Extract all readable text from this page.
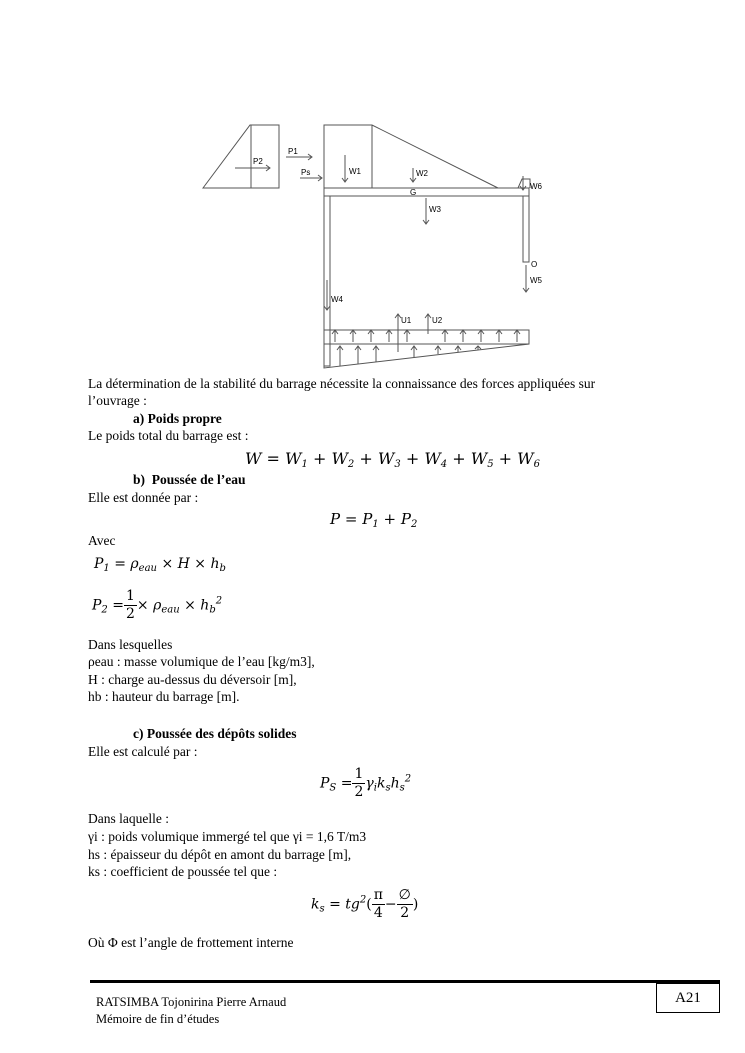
P2
P1
Ps	W1	W2
G
W3
W6
O
W5
W4
U1	U2
La détermination de la stabilité du barrage nécessite la connaissance des forces appliquées sur
l’ouvrage :
a) Poids propre
Le poids total du barrage est :
$W = W_1 + W_2 + W_3 + W_4 + W_5 + W_6$
b) Poussée de l’eau
Elle est donnée par :
$P = P_1 + P_2$
Avec
$P_1 = \rho_{eau} \times H \times h_b$
$P_2 = \frac{1}{2} \times \rho_{eau} \times h_b^2$
Dans lesquelles
ρeau : masse volumique de l’eau [kg/m3],
H : charge au-dessus du déversoir [m],
hb : hauteur du barrage [m].
c) Poussée des dépôts solides
Elle est calculé par :
$P_S = \frac{1}{2} \gamma_ik_sh_s^2$
Dans laquelle :
γi : poids volumique immergé tel que γi = 1,6 T/m3
hs : épaisseur du dépôt en amont du barrage [m],
ks : coefficient de poussée tel que :
$k_s = tg^2( \frac{\pi}{4} - \frac{\emptyset}{2}$ )
Où Φ est l’angle de frottement interne
RATSIMBA Tojonirina Pierre Arnaud
Mémoire de fin d’études
A21
